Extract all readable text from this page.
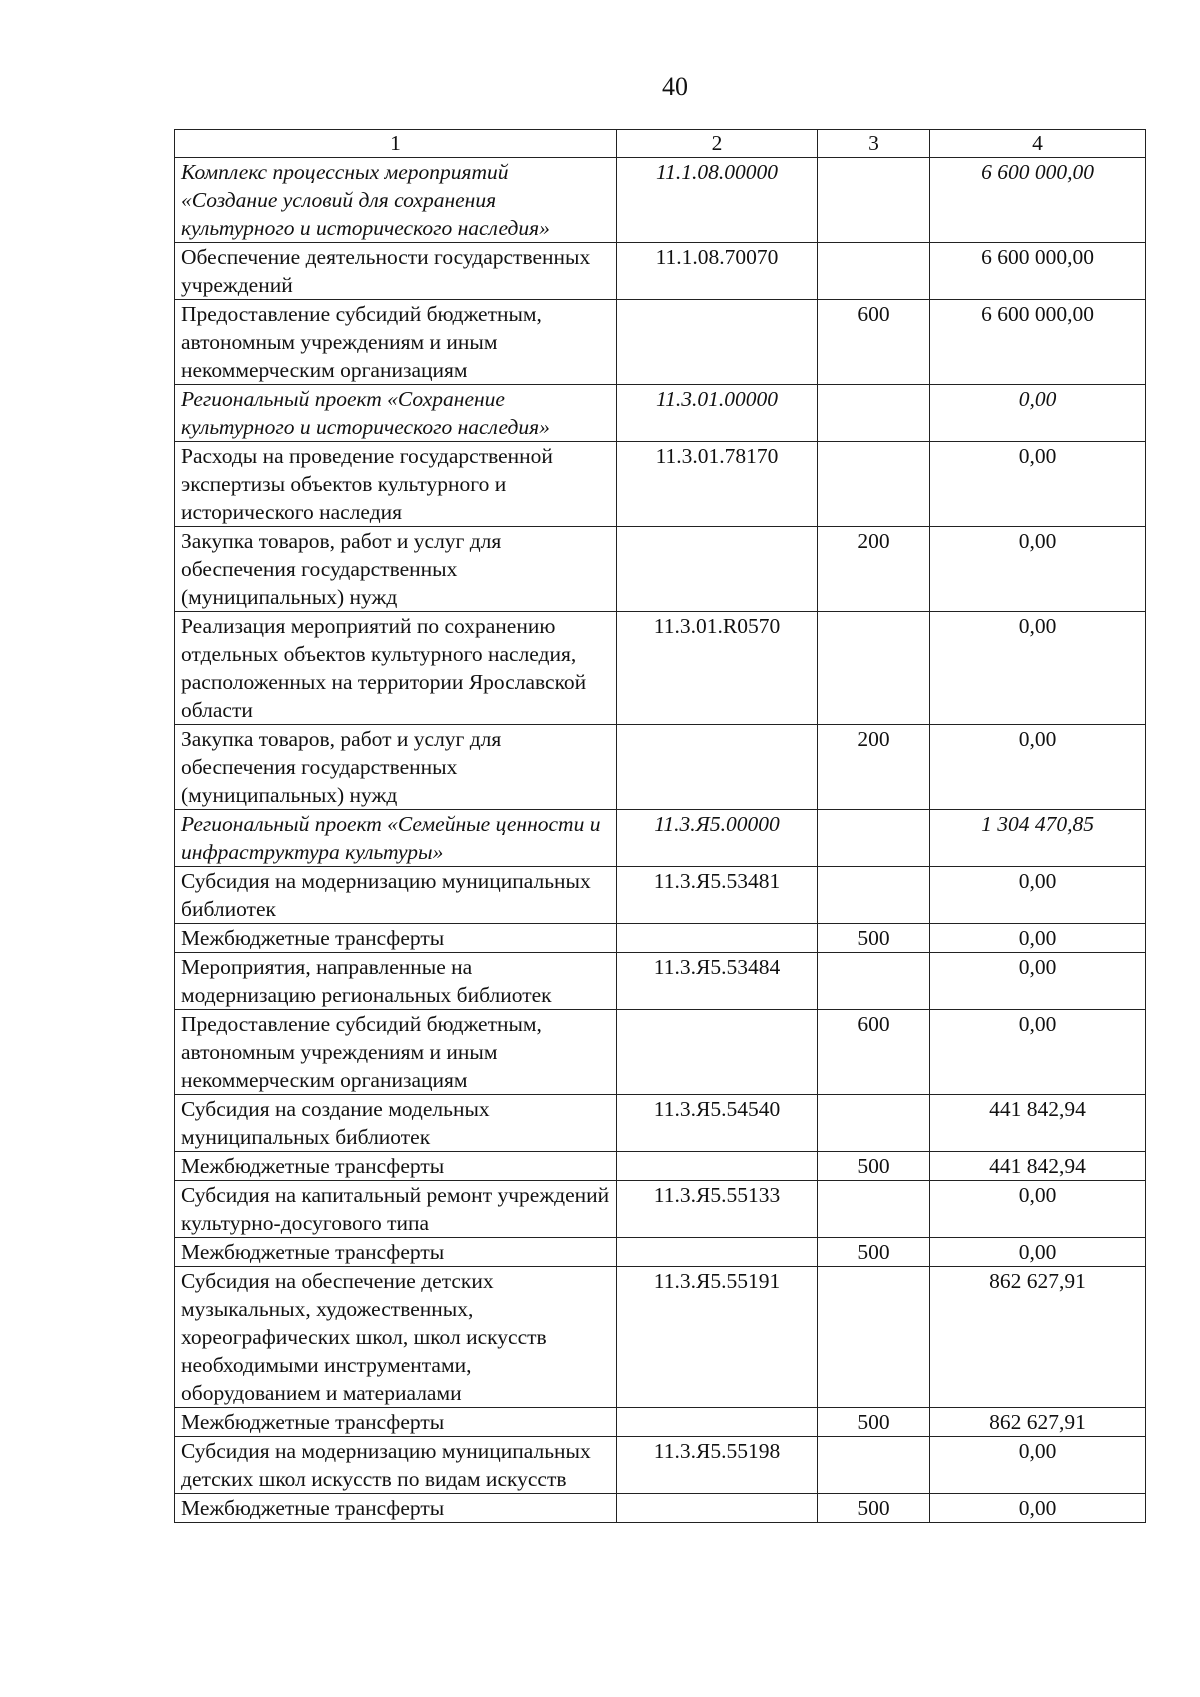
40
1	2	3	4
Комплекс процессных мероприятий «Создание условий для сохранения культурного и исторического наследия»	11.1.08.00000		6 600 000,00
Обеспечение деятельности государственных учреждений	11.1.08.70070		6 600 000,00
Предоставление субсидий бюджетным, автономным учреждениям и иным некоммерческим организациям		600	6 600 000,00
Региональный проект «Сохранение культурного и исторического наследия»	11.3.01.00000		0,00
Расходы на проведение государственной экспертизы объектов культурного и исторического наследия	11.3.01.78170		0,00
Закупка товаров, работ и услуг для обеспечения государственных (муниципальных) нужд		200	0,00
Реализация мероприятий по сохранению отдельных объектов культурного наследия, расположенных на территории Ярославской области	11.3.01.R0570		0,00
Закупка товаров, работ и услуг для обеспечения государственных (муниципальных) нужд		200	0,00
Региональный проект «Семейные ценности и инфраструктура культуры»	11.3.Я5.00000		1 304 470,85
Субсидия на модернизацию муниципальных библиотек	11.3.Я5.53481		0,00
Межбюджетные трансферты		500	0,00
Мероприятия, направленные на модернизацию региональных библиотек	11.3.Я5.53484		0,00
Предоставление субсидий бюджетным, автономным учреждениям и иным некоммерческим организациям		600	0,00
Субсидия на создание модельных муниципальных библиотек	11.3.Я5.54540		441 842,94
Межбюджетные трансферты		500	441 842,94
Субсидия на капитальный ремонт учреждений культурно-досугового типа	11.3.Я5.55133		0,00
Межбюджетные трансферты		500	0,00
Субсидия на обеспечение детских музыкальных, художественных, хореографических школ, школ искусств необходимыми инструментами, оборудованием и материалами	11.3.Я5.55191		862 627,91
Межбюджетные трансферты		500	862 627,91
Субсидия на модернизацию муниципальных детских школ искусств по видам искусств	11.3.Я5.55198		0,00
Межбюджетные трансферты		500	0,00
